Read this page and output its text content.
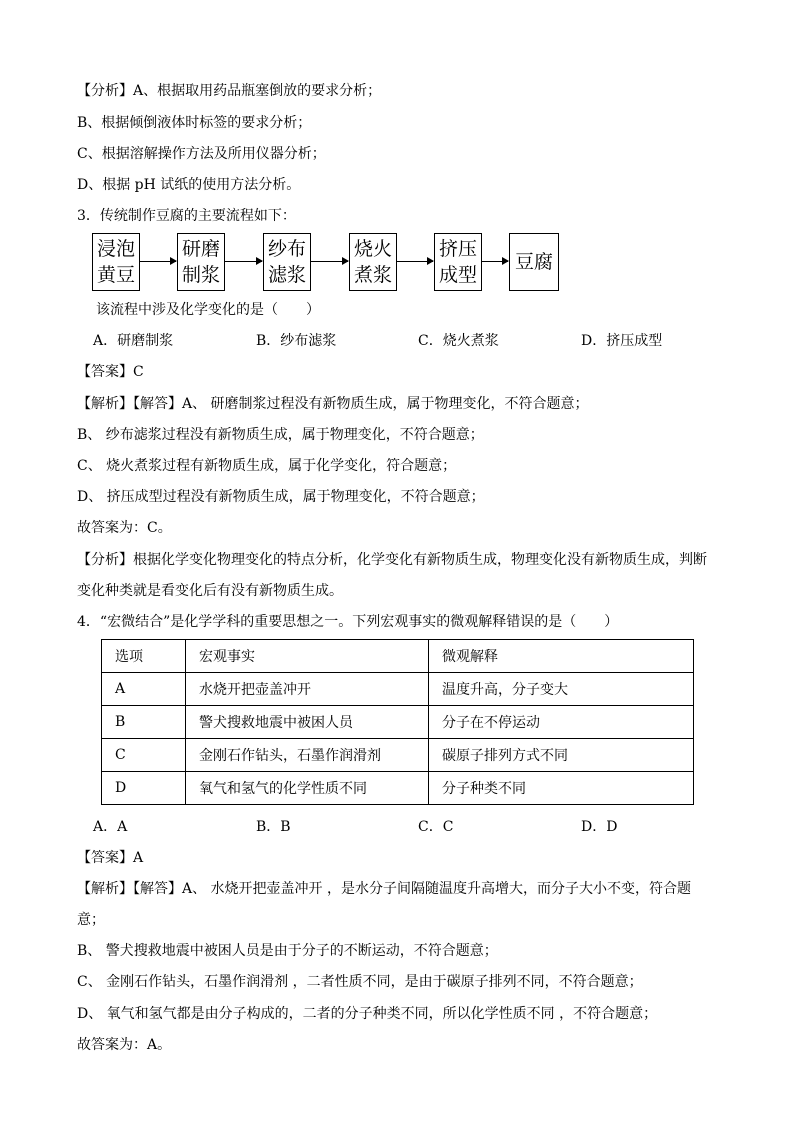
【分析】A、根据取用药品瓶塞倒放的要求分析；
B、根据倾倒液体时标签的要求分析；
C、根据溶解操作方法及所用仪器分析；
D、根据 pH 试纸的使用方法分析。
3．传统制作豆腐的主要流程如下：
浸泡
黄豆
研磨
制浆
纱布
滤浆
烧火
煮浆
挤压
成型
豆腐
该流程中涉及化学变化的是（　　）
A．研磨制浆	B．纱布滤浆	C．烧火煮浆	D．挤压成型
【答案】C
【解析】【解答】A、 研磨制浆过程没有新物质生成，属于物理变化，不符合题意；
B、 纱布滤浆过程没有新物质生成，属于物理变化，不符合题意；
C、 烧火煮浆过程有新物质生成，属于化学变化，符合题意；
D、 挤压成型过程没有新物质生成，属于物理变化，不符合题意；
故答案为：C。
【分析】根据化学变化物理变化的特点分析，化学变化有新物质生成，物理变化没有新物质生成，判断
变化种类就是看变化后有没有新物质生成。
4．“宏微结合”是化学学科的重要思想之一。下列宏观事实的微观解释错误的是（　　）
选项	宏观事实	微观解释
A	水烧开把壶盖冲开	温度升高，分子变大
B	警犬搜救地震中被困人员	分子在不停运动
C	金刚石作钻头，石墨作润滑剂	碳原子排列方式不同
D	氧气和氢气的化学性质不同	分子种类不同
A．A	B．B	C．C	D．D
【答案】A
【解析】【解答】A、 水烧开把壶盖冲开 ，是水分子间隔随温度升高增大，而分子大小不变，符合题
意；
B、 警犬搜救地震中被困人员是由于分子的不断运动，不符合题意；
C、 金刚石作钻头，石墨作润滑剂 ，二者性质不同，是由于碳原子排列不同，不符合题意；
D、 氧气和氢气都是由分子构成的，二者的分子种类不同，所以化学性质不同 ，不符合题意；
故答案为：A。
